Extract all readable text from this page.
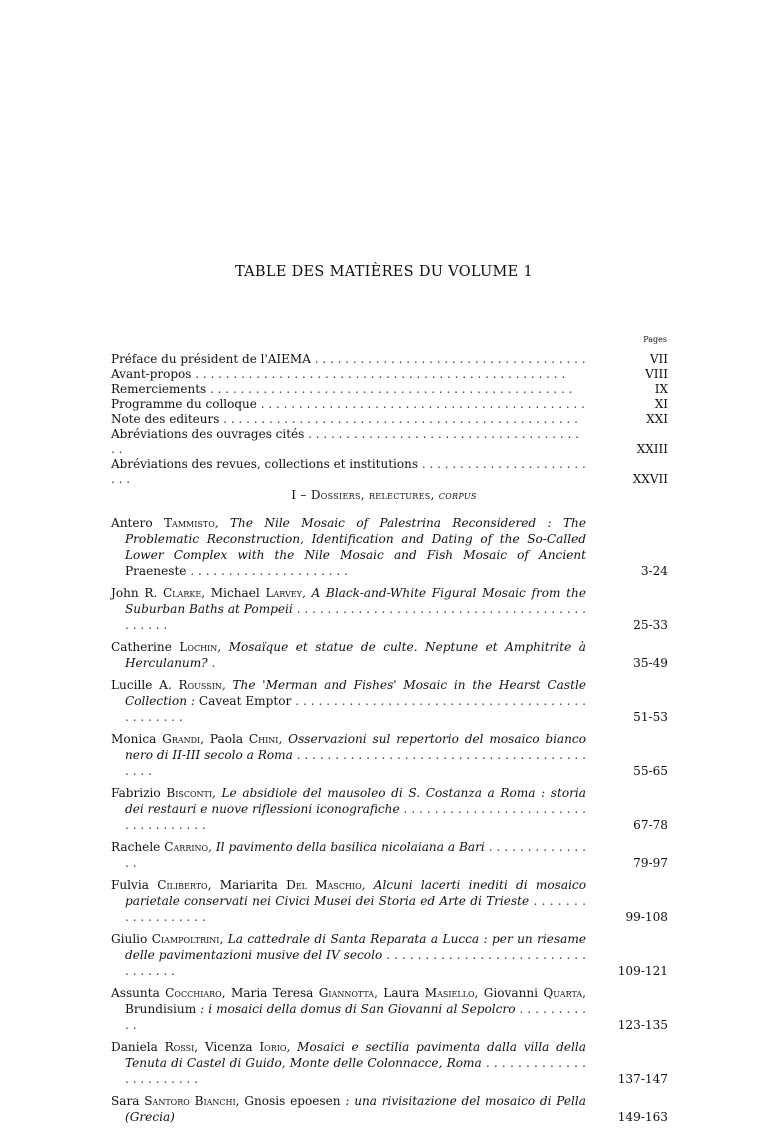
TABLE DES MATIÈRES DU VOLUME 1
Pages
Préface du président de l'AIEMA . . . . . . . . . . . . . . . . . . . . . . . . . . . . . . . . . . . .	VII
Avant-propos . . . . . . . . . . . . . . . . . . . . . . . . . . . . . . . . . . . . . . . . . . . . . . . . .	VIII
Remerciements . . . . . . . . . . . . . . . . . . . . . . . . . . . . . . . . . . . . . . . . . . . . . . . .	IX
Programme du colloque . . . . . . . . . . . . . . . . . . . . . . . . . . . . . . . . . . . . . . . . . . .	XI
Note des editeurs . . . . . . . . . . . . . . . . . . . . . . . . . . . . . . . . . . . . . . . . . . . . . . .	XXI
Abréviations des ouvrages cités . . . . . . . . . . . . . . . . . . . . . . . . . . . . . . . . . . . . . .	XXIII
Abréviations des revues, collections et institutions . . . . . . . . . . . . . . . . . . . . . . . . .	XXVII
I – Dossiers, relectures, corpus
Antero Tammisto, The Nile Mosaic of Palestrina Reconsidered : The Problematic Reconstruction, Identification and Dating of the So-Called Lower Complex with the Nile Mosaic and Fish Mosaic of Ancient Praeneste . . . . . . . . . . . . . . . . . . . . .	3-24
John R. Clarke, Michael Larvey, A Black-and-White Figural Mosaic from the Suburban Baths at Pompeii . . . . . . . . . . . . . . . . . . . . . . . . . . . . . . . . . . . . . . . . . . . .	25-33
Catherine Lochin, Mosaïque et statue de culte. Neptune et Amphitrite à Herculanum? .	35-49
Lucille A. Roussin, The 'Merman and Fishes' Mosaic in the Hearst Castle Collection : Caveat Emptor . . . . . . . . . . . . . . . . . . . . . . . . . . . . . . . . . . . . . . . . . . . . . .	51-53
Monica Grandi, Paola Chini, Osservazioni sul repertorio del mosaico bianco nero di II-III secolo a Roma . . . . . . . . . . . . . . . . . . . . . . . . . . . . . . . . . . . . . . . . . .	55-65
Fabrizio Bisconti, Le absidiole del mausoleo di S. Costanza a Roma : storia dei restauri e nuove riflessioni iconografiche . . . . . . . . . . . . . . . . . . . . . . . . . . . . . . . . . . .	67-78
Rachele Carrino, Il pavimento della basilica nicolaiana a Bari . . . . . . . . . . . . . . .	79-97
Fulvia Ciliberto, Mariarita Del Maschio, Alcuni lacerti inediti di mosaico parietale conservati nei Civici Musei dei Storia ed Arte di Trieste . . . . . . . . . . . . . . . . . .	99-108
Giulio Ciampoltrini, La cattedrale di Santa Reparata a Lucca : per un riesame delle pavimentazioni musive del IV secolo . . . . . . . . . . . . . . . . . . . . . . . . . . . . . . . . .	109-121
Assunta Cocchiaro, Maria Teresa Giannotta, Laura Masiello, Giovanni Quarta, Brundisium : i mosaici della domus di San Giovanni al Sepolcro . . . . . . . . . . .	123-135
Daniela Rossi, Vicenza Iorio, Mosaici e sectilia pavimenta dalla villa della Tenuta di Castel di Guido, Monte delle Colonnacce, Roma . . . . . . . . . . . . . . . . . . . . . . .	137-147
Sara Santoro Bianchi, Gnosis epoesen : una rivisitazione del mosaico di Pella (Grecia)	149-163
